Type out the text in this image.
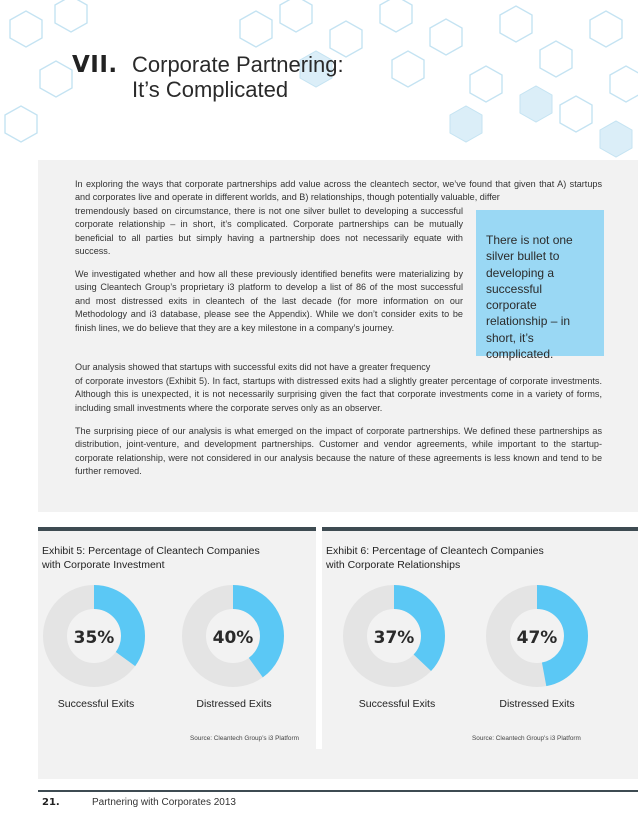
VII. Corporate Partnering:
It’s Complicated

In exploring the ways that corporate partnerships add value across the cleantech sector, we’ve found that given that A) startups and corporates live and operate in different worlds, and B) relationships, though potentially valuable, differ

tremendously based on circumstance, there is not one silver bullet to developing a successful corporate relationship – in short, it’s complicated. Corporate partnerships can be mutually beneficial to all parties but simply having a partnership does not necessarily equate with success.

We investigated whether and how all these previously identified benefits were materializing by using Cleantech Group’s proprietary i3 platform to develop a list of 86 of the most successful and most distressed exits in cleantech of the last decade (for more information on our Methodology and i3 database, please see the Appendix). While we don’t consider exits to be finish lines, we do believe that they are a key milestone in a company’s journey.

Our analysis showed that startups with successful exits did not have a greater frequency

of corporate investors (Exhibit 5). In fact, startups with distressed exits had a slightly greater percentage of corporate investments. Although this is unexpected, it is not necessarily surprising given the fact that corporate investments come in a variety of forms, including small investments where the corporate serves only as an observer.

The surprising piece of our analysis is what emerged on the impact of corporate partnerships. We defined these partnerships as distribution, joint-venture, and development partnerships. Customer and vendor agreements, while important to the startup-corporate relationship, were not considered in our analysis because the nature of these agreements is less known and tend to be further removed.

There is not one silver bullet to developing a successful corporate relationship – in short, it’s complicated.
Exhibit 5: Percentage of Cleantech Companies
with Corporate Investment
35%	40%
Successful Exits	Distressed Exits
Source: Cleantech Group’s i3 Platform
Exhibit 6: Percentage of Cleantech Companies
with Corporate Relationships
37%	47%
Successful Exits	Distressed Exits
Source: Cleantech Group's i3 Platform
21.	Partnering with Corporates 2013
